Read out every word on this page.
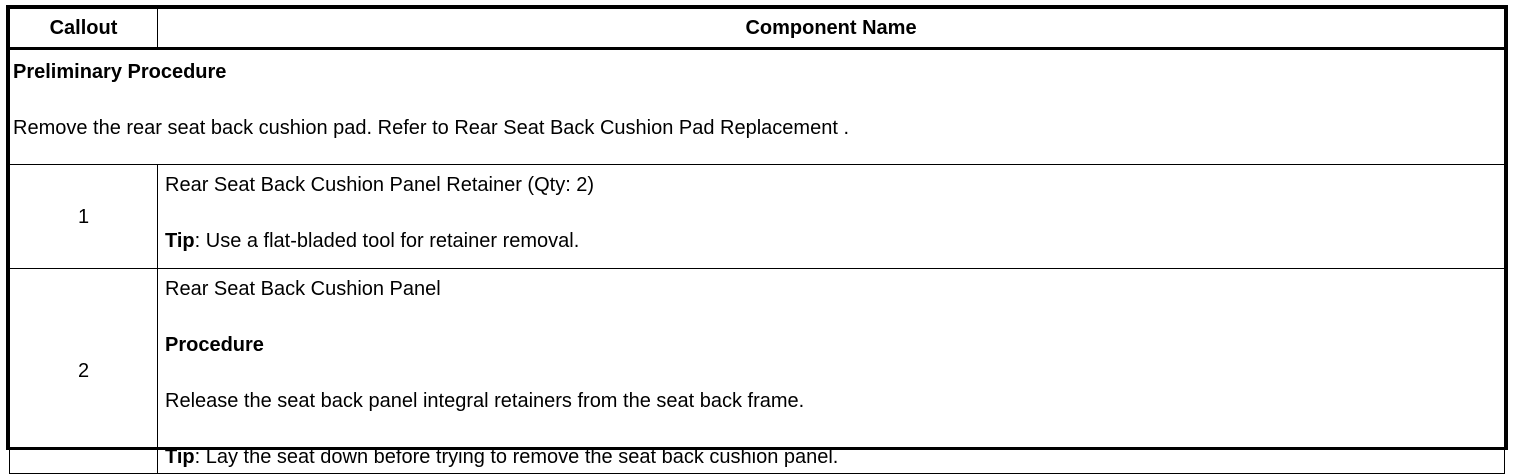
Callout	Component Name

Preliminary Procedure
Remove the rear seat back cushion pad. Refer to Rear Seat Back Cushion Pad Replacement .	

1	Rear Seat Back Cushion Panel Retainer (Qty: 2)
Tip: Use a flat-bladed tool for retainer removal.

2	Rear Seat Back Cushion Panel
Procedure
Release the seat back panel integral retainers from the seat back frame.
Tip: Lay the seat down before trying to remove the seat back cushion panel.
